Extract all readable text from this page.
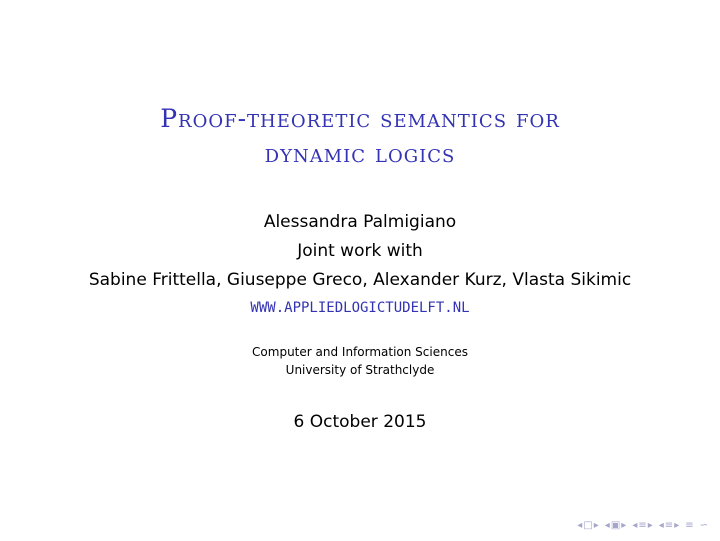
Proof-theoretic semantics for
dynamic logics
Alessandra Palmigiano
Joint work with
Sabine Frittella, Giuseppe Greco, Alexander Kurz, Vlasta Sikimic
WWW.APPLIEDLOGICTUDELFT.NL
Computer and Information Sciences
University of Strathclyde
6 October 2015
◂ □ ▸ ◂ ▣ ▸ ◂ ≡ ▸ ◂ ≡ ▸ ≡ ∽
